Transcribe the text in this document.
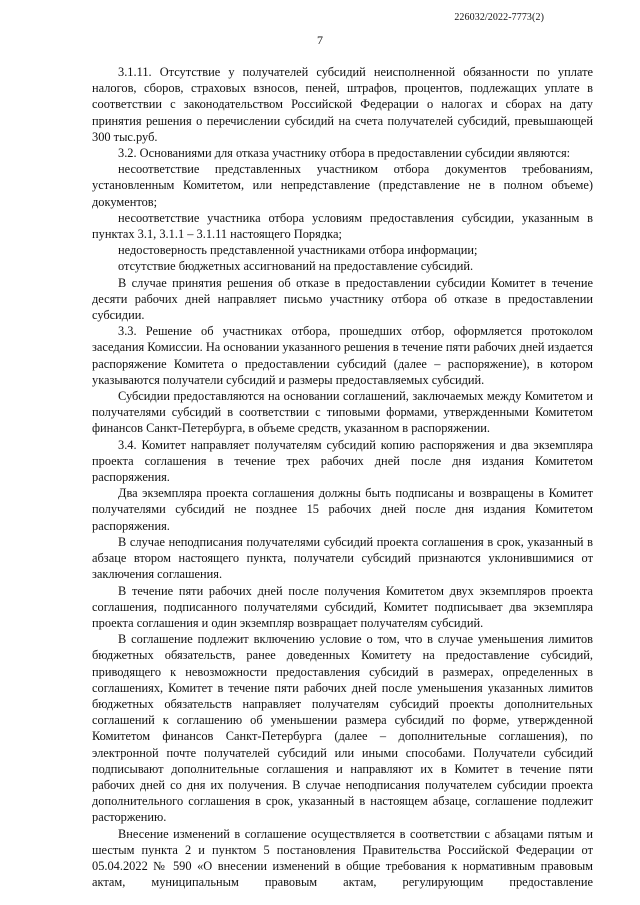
226032/2022-7773(2)
7

3.1.11. Отсутствие у получателей субсидий неисполненной обязанности по уплате налогов, сборов, страховых взносов, пеней, штрафов, процентов, подлежащих уплате в соответствии с законодательством Российской Федерации о налогах и сборах на дату принятия решения о перечислении субсидий на счета получателей субсидий, превышающей 300 тыс.руб.

3.2. Основаниями для отказа участнику отбора в предоставлении субсидии являются:

несоответствие представленных участником отбора документов требованиям, установленным Комитетом, или непредставление (представление не в полном объеме) документов;

несоответствие участника отбора условиям предоставления субсидии, указанным в пунктах 3.1, 3.1.1 – 3.1.11 настоящего Порядка;

недостоверность представленной участниками отбора информации;

отсутствие бюджетных ассигнований на предоставление субсидий.

В случае принятия решения об отказе в предоставлении субсидии Комитет в течение десяти рабочих дней направляет письмо участнику отбора об отказе в предоставлении субсидии.

3.3. Решение об участниках отбора, прошедших отбор, оформляется протоколом заседания Комиссии. На основании указанного решения в течение пяти рабочих дней издается распоряжение Комитета о предоставлении субсидий (далее – распоряжение), в котором указываются получатели субсидий и размеры предоставляемых субсидий.

Субсидии предоставляются на основании соглашений, заключаемых между Комитетом и получателями субсидий в соответствии с типовыми формами, утвержденными Комитетом финансов Санкт-Петербурга, в объеме средств, указанном в распоряжении.

3.4. Комитет направляет получателям субсидий копию распоряжения и два экземпляра проекта соглашения в течение трех рабочих дней после дня издания Комитетом распоряжения.

Два экземпляра проекта соглашения должны быть подписаны и возвращены в Комитет получателями субсидий не позднее 15 рабочих дней после дня издания Комитетом распоряжения.

В случае неподписания получателями субсидий проекта соглашения в срок, указанный в абзаце втором настоящего пункта, получатели субсидий признаются уклонившимися от заключения соглашения.

В течение пяти рабочих дней после получения Комитетом двух экземпляров проекта соглашения, подписанного получателями субсидий, Комитет подписывает два экземпляра проекта соглашения и один экземпляр возвращает получателям субсидий.

В соглашение подлежит включению условие о том, что в случае уменьшения лимитов бюджетных обязательств, ранее доведенных Комитету на предоставление субсидий, приводящего к невозможности предоставления субсидий в размерах, определенных в соглашениях, Комитет в течение пяти рабочих дней после уменьшения указанных лимитов бюджетных обязательств направляет получателям субсидий проекты дополнительных соглашений к соглашению об уменьшении размера субсидий по форме, утвержденной Комитетом финансов Санкт-Петербурга (далее – дополнительные соглашения), по электронной почте получателей субсидий или иными способами. Получатели субсидий подписывают дополнительные соглашения и направляют их в Комитет в течение пяти рабочих дней со дня их получения. В случае неподписания получателем субсидии проекта дополнительного соглашения в срок, указанный в настоящем абзаце, соглашение подлежит расторжению.

Внесение изменений в соглашение осуществляется в соответствии с абзацами пятым и шестым пункта 2 и пунктом 5 постановления Правительства Российской Федерации от 05.04.2022 № 590 «О внесении изменений в общие требования к нормативным правовым актам, муниципальным правовым актам, регулирующим предоставление
